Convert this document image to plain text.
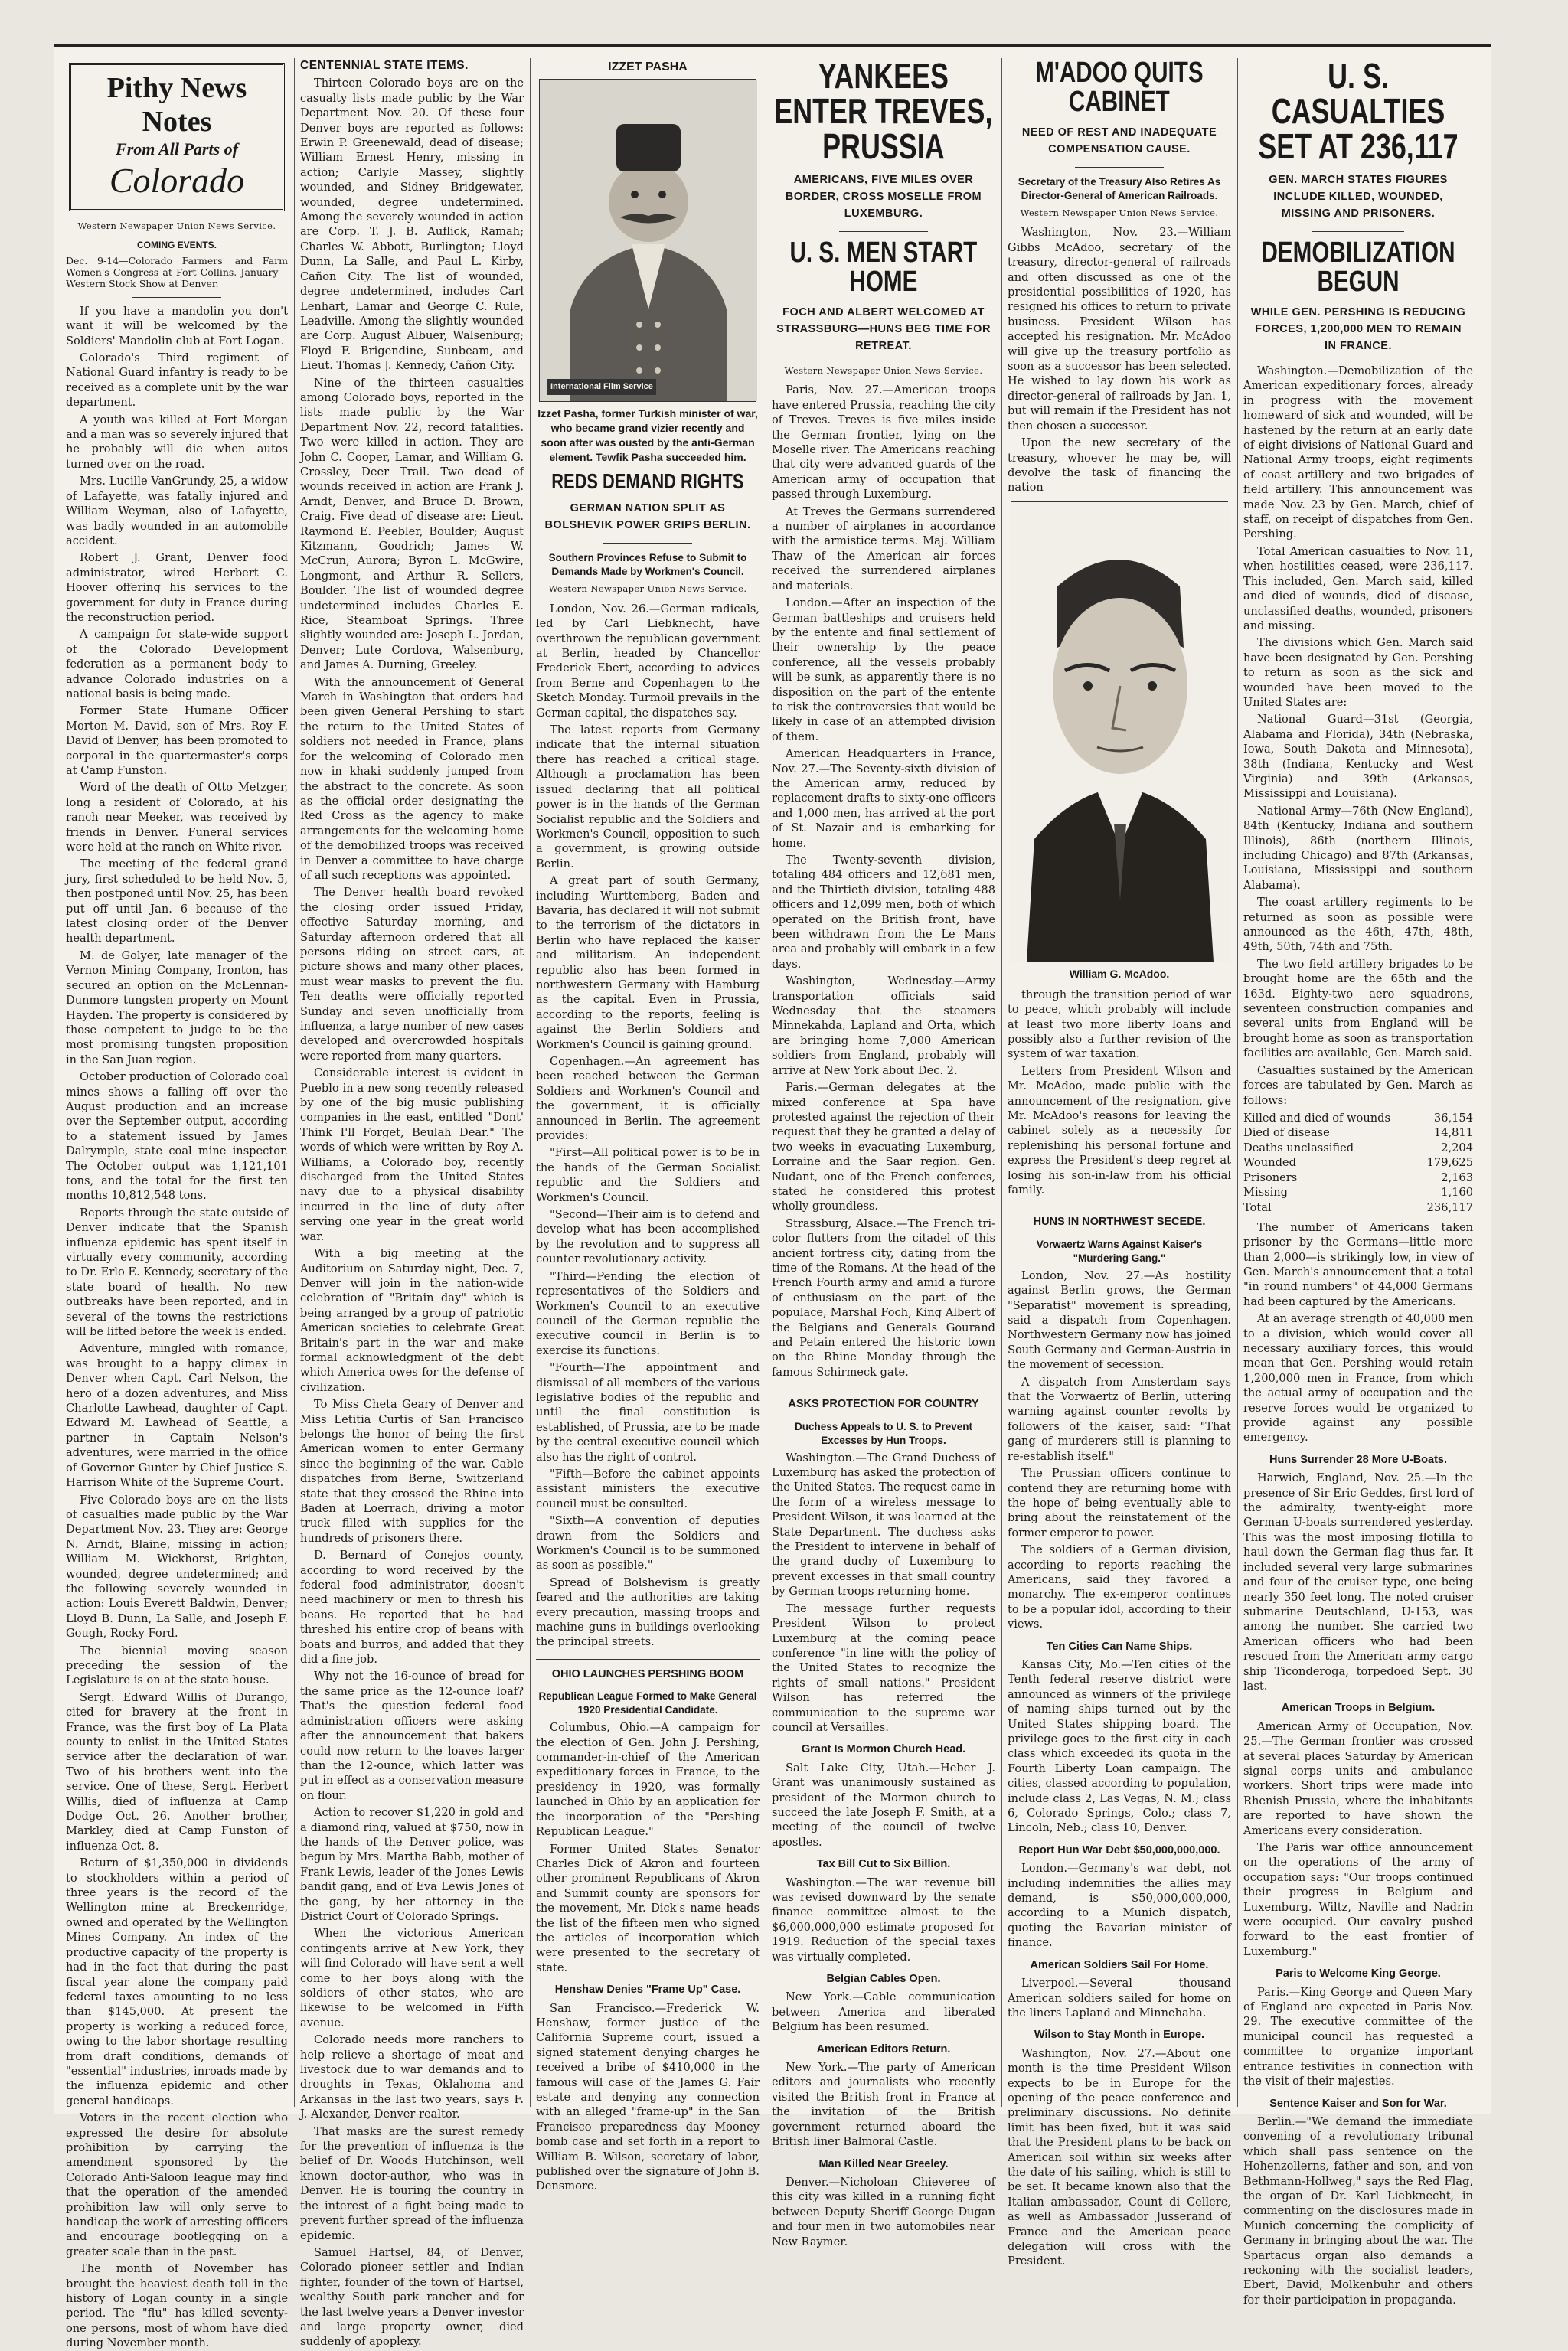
Pithy News Notes
From All Parts of
Colorado
Western Newspaper Union News Service.
COMING EVENTS.
Dec. 9-14—Colorado Farmers' and Farm Women's Congress at Fort Collins. January—Western Stock Show at Denver.

If you have a mandolin you don't want it will be welcomed by the Soldiers' Mandolin club at Fort Logan.

Colorado's Third regiment of National Guard infantry is ready to be received as a complete unit by the war department.

A youth was killed at Fort Morgan and a man was so severely injured that he probably will die when autos turned over on the road.

Mrs. Lucille VanGrundy, 25, a widow of Lafayette, was fatally injured and William Weyman, also of Lafayette, was badly wounded in an automobile accident.

Robert J. Grant, Denver food administrator, wired Herbert C. Hoover offering his services to the government for duty in France during the reconstruction period.

A campaign for state-wide support of the Colorado Development federation as a permanent body to advance Colorado industries on a national basis is being made.

Former State Humane Officer Morton M. David, son of Mrs. Roy F. David of Denver, has been promoted to corporal in the quartermaster's corps at Camp Funston.

Word of the death of Otto Metzger, long a resident of Colorado, at his ranch near Meeker, was received by friends in Denver. Funeral services were held at the ranch on White river.

The meeting of the federal grand jury, first scheduled to be held Nov. 5, then postponed until Nov. 25, has been put off until Jan. 6 because of the latest closing order of the Denver health department.

M. de Golyer, late manager of the Vernon Mining Company, Ironton, has secured an option on the McLennan-Dunmore tungsten property on Mount Hayden. The property is considered by those competent to judge to be the most promising tungsten proposition in the San Juan region.

October production of Colorado coal mines shows a falling off over the August production and an increase over the September output, according to a statement issued by James Dalrymple, state coal mine inspector. The October output was 1,121,101 tons, and the total for the first ten months 10,812,548 tons.

Reports through the state outside of Denver indicate that the Spanish influenza epidemic has spent itself in virtually every community, according to Dr. Erlo E. Kennedy, secretary of the state board of health. No new outbreaks have been reported, and in several of the towns the restrictions will be lifted before the week is ended.

Adventure, mingled with romance, was brought to a happy climax in Denver when Capt. Carl Nelson, the hero of a dozen adventures, and Miss Charlotte Lawhead, daughter of Capt. Edward M. Lawhead of Seattle, a partner in Captain Nelson's adventures, were married in the office of Governor Gunter by Chief Justice S. Harrison White of the Supreme Court.

Five Colorado boys are on the lists of casualties made public by the War Department Nov. 23. They are: George N. Arndt, Blaine, missing in action; William M. Wickhorst, Brighton, wounded, degree undetermined; and the following severely wounded in action: Louis Everett Baldwin, Denver; Lloyd B. Dunn, La Salle, and Joseph F. Gough, Rocky Ford.

The biennial moving season preceding the session of the Legislature is on at the state house.

Sergt. Edward Willis of Durango, cited for bravery at the front in France, was the first boy of La Plata county to enlist in the United States service after the declaration of war. Two of his brothers went into the service. One of these, Sergt. Herbert Willis, died of influenza at Camp Dodge Oct. 26. Another brother, Markley, died at Camp Funston of influenza Oct. 8.

Return of $1,350,000 in dividends to stockholders within a period of three years is the record of the Wellington mine at Breckenridge, owned and operated by the Wellington Mines Company. An index of the productive capacity of the property is had in the fact that during the past fiscal year alone the company paid federal taxes amounting to no less than $145,000. At present the property is working a reduced force, owing to the labor shortage resulting from draft conditions, demands of "essential" industries, inroads made by the influenza epidemic and other general handicaps.

Voters in the recent election who expressed the desire for absolute prohibition by carrying the amendment sponsored by the Colorado Anti-Saloon league may find that the operation of the amended prohibition law will only serve to handicap the work of arresting officers and encourage bootlegging on a greater scale than in the past.

The month of November has brought the heaviest death toll in the history of Logan county in a single period. The "flu" has killed seventy-one persons, most of whom have died during November month.

CENTENNIAL STATE ITEMS.

Thirteen Colorado boys are on the casualty lists made public by the War Department Nov. 20. Of these four Denver boys are reported as follows: Erwin P. Greenewald, dead of disease; William Ernest Henry, missing in action; Carlyle Massey, slightly wounded, and Sidney Bridgewater, wounded, degree undetermined. Among the severely wounded in action are Corp. T. J. B. Auflick, Ramah; Charles W. Abbott, Burlington; Lloyd Dunn, La Salle, and Paul L. Kirby, Cañon City. The list of wounded, degree undetermined, includes Carl Lenhart, Lamar and George C. Rule, Leadville. Among the slightly wounded are Corp. August Albuer, Walsenburg; Floyd F. Brigendine, Sunbeam, and Lieut. Thomas J. Kennedy, Cañon City.

Nine of the thirteen casualties among Colorado boys, reported in the lists made public by the War Department Nov. 22, record fatalities. Two were killed in action. They are John C. Cooper, Lamar, and William G. Crossley, Deer Trail. Two dead of wounds received in action are Frank J. Arndt, Denver, and Bruce D. Brown, Craig. Five dead of disease are: Lieut. Raymond E. Peebler, Boulder; August Kitzmann, Goodrich; James W. McCrun, Aurora; Byron L. McGwire, Longmont, and Arthur R. Sellers, Boulder. The list of wounded degree undetermined includes Charles E. Rice, Steamboat Springs. Three slightly wounded are: Joseph L. Jordan, Denver; Lute Cordova, Walsenburg, and James A. Durning, Greeley.

With the announcement of General March in Washington that orders had been given General Pershing to start the return to the United States of soldiers not needed in France, plans for the welcoming of Colorado men now in khaki suddenly jumped from the abstract to the concrete. As soon as the official order designating the Red Cross as the agency to make arrangements for the welcoming home of the demobilized troops was received in Denver a committee to have charge of all such receptions was appointed.

The Denver health board revoked the closing order issued Friday, effective Saturday morning, and Saturday afternoon ordered that all persons riding on street cars, at picture shows and many other places, must wear masks to prevent the flu. Ten deaths were officially reported Sunday and seven unofficially from influenza, a large number of new cases developed and overcrowded hospitals were reported from many quarters.

Considerable interest is evident in Pueblo in a new song recently released by one of the big music publishing companies in the east, entitled "Dont' Think I'll Forget, Beulah Dear." The words of which were written by Roy A. Williams, a Colorado boy, recently discharged from the United States navy due to a physical disability incurred in the line of duty after serving one year in the great world war.

With a big meeting at the Auditorium on Saturday night, Dec. 7, Denver will join in the nation-wide celebration of "Britain day" which is being arranged by a group of patriotic American societies to celebrate Great Britain's part in the war and make formal acknowledgment of the debt which America owes for the defense of civilization.

To Miss Cheta Geary of Denver and Miss Letitia Curtis of San Francisco belongs the honor of being the first American women to enter Germany since the beginning of the war. Cable dispatches from Berne, Switzerland state that they crossed the Rhine into Baden at Loerrach, driving a motor truck filled with supplies for the hundreds of prisoners there.

D. Bernard of Conejos county, according to word received by the federal food administrator, doesn't need machinery or men to thresh his beans. He reported that he had threshed his entire crop of beans with boats and burros, and added that they did a fine job.

Why not the 16-ounce of bread for the same price as the 12-ounce loaf? That's the question federal food administration officers were asking after the announcement that bakers could now return to the loaves larger than the 12-ounce, which latter was put in effect as a conservation measure on flour.

Action to recover $1,220 in gold and a diamond ring, valued at $750, now in the hands of the Denver police, was begun by Mrs. Martha Babb, mother of Frank Lewis, leader of the Jones Lewis bandit gang, and of Eva Lewis Jones of the gang, by her attorney in the District Court of Colorado Springs.

When the victorious American contingents arrive at New York, they will find Colorado will have sent a well come to her boys along with the soldiers of other states, who are likewise to be welcomed in Fifth avenue.

Colorado needs more ranchers to help relieve a shortage of meat and livestock due to war demands and to droughts in Texas, Oklahoma and Arkansas in the last two years, says F. J. Alexander, Denver realtor.

That masks are the surest remedy for the prevention of influenza is the belief of Dr. Woods Hutchinson, well known doctor-author, who was in Denver. He is touring the country in the interest of a fight being made to prevent further spread of the influenza epidemic.

Samuel Hartsel, 84, of Denver, Colorado pioneer settler and Indian fighter, founder of the town of Hartsel, wealthy South park rancher and for the last twelve years a Denver investor and large property owner, died suddenly of apoplexy.

IZZET PASHA
International Film Service
Izzet Pasha, former Turkish minister of war, who became grand vizier recently and soon after was ousted by the anti-German element. Tewfik Pasha succeeded him.
REDS DEMAND RIGHTS
GERMAN NATION SPLIT AS BOLSHEVIK POWER GRIPS BERLIN.
Southern Provinces Refuse to Submit to Demands Made by Workmen's Council.
Western Newspaper Union News Service.

London, Nov. 26.—German radicals, led by Carl Liebknecht, have overthrown the republican government at Berlin, headed by Chancellor Frederick Ebert, according to advices from Berne and Copenhagen to the Sketch Monday. Turmoil prevails in the German capital, the dispatches say.

The latest reports from Germany indicate that the internal situation there has reached a critical stage. Although a proclamation has been issued declaring that all political power is in the hands of the German Socialist republic and the Soldiers and Workmen's Council, opposition to such a government, is growing outside Berlin.

A great part of south Germany, including Wurttemberg, Baden and Bavaria, has declared it will not submit to the terrorism of the dictators in Berlin who have replaced the kaiser and militarism. An independent republic also has been formed in northwestern Germany with Hamburg as the capital. Even in Prussia, according to the reports, feeling is against the Berlin Soldiers and Workmen's Council is gaining ground.

Copenhagen.—An agreement has been reached between the German Soldiers and Workmen's Council and the government, it is officially announced in Berlin. The agreement provides:

"First—All political power is to be in the hands of the German Socialist republic and the Soldiers and Workmen's Council.

"Second—Their aim is to defend and develop what has been accomplished by the revolution and to suppress all counter revolutionary activity.

"Third—Pending the election of representatives of the Soldiers and Workmen's Council to an executive council of the German republic the executive council in Berlin is to exercise its functions.

"Fourth—The appointment and dismissal of all members of the various legislative bodies of the republic and until the final constitution is established, of Prussia, are to be made by the central executive council which also has the right of control.

"Fifth—Before the cabinet appoints assistant ministers the executive council must be consulted.

"Sixth—A convention of deputies drawn from the Soldiers and Workmen's Council is to be summoned as soon as possible."

Spread of Bolshevism is greatly feared and the authorities are taking every precaution, massing troops and machine guns in buildings overlooking the principal streets.

OHIO LAUNCHES PERSHING BOOM
Republican League Formed to Make General 1920 Presidential Candidate.

Columbus, Ohio.—A campaign for the election of Gen. John J. Pershing, commander-in-chief of the American expeditionary forces in France, to the presidency in 1920, was formally launched in Ohio by an application for the incorporation of the "Pershing Republican League."

Former United States Senator Charles Dick of Akron and fourteen other prominent Republicans of Akron and Summit county are sponsors for the movement, Mr. Dick's name heads the list of the fifteen men who signed the articles of incorporation which were presented to the secretary of state.

Henshaw Denies "Frame Up" Case.

San Francisco.—Frederick W. Henshaw, former justice of the California Supreme court, issued a signed statement denying charges he received a bribe of $410,000 in the famous will case of the James G. Fair estate and denying any connection with an alleged "frame-up" in the San Francisco preparedness day Mooney bomb case and set forth in a report to William B. Wilson, secretary of labor, published over the signature of John B. Densmore.

YANKEES ENTER TREVES, PRUSSIA
AMERICANS, FIVE MILES OVER BORDER, CROSS MOSELLE FROM LUXEMBURG.
U. S. MEN START HOME
FOCH AND ALBERT WELCOMED AT STRASSBURG—HUNS BEG TIME FOR RETREAT.
Western Newspaper Union News Service.

Paris, Nov. 27.—American troops have entered Prussia, reaching the city of Treves. Treves is five miles inside the German frontier, lying on the Moselle river. The Americans reaching that city were advanced guards of the American army of occupation that passed through Luxemburg.

At Treves the Germans surrendered a number of airplanes in accordance with the armistice terms. Maj. William Thaw of the American air forces received the surrendered airplanes and materials.

London.—After an inspection of the German battleships and cruisers held by the entente and final settlement of their ownership by the peace conference, all the vessels probably will be sunk, as apparently there is no disposition on the part of the entente to risk the controversies that would be likely in case of an attempted division of them.

American Headquarters in France, Nov. 27.—The Seventy-sixth division of the American army, reduced by replacement drafts to sixty-one officers and 1,000 men, has arrived at the port of St. Nazair and is embarking for home.

The Twenty-seventh division, totaling 484 officers and 12,681 men, and the Thirtieth division, totaling 488 officers and 12,099 men, both of which operated on the British front, have been withdrawn from the Le Mans area and probably will embark in a few days.

Washington, Wednesday.—Army transportation officials said Wednesday that the steamers Minnekahda, Lapland and Orta, which are bringing home 7,000 American soldiers from England, probably will arrive at New York about Dec. 2.

Paris.—German delegates at the mixed conference at Spa have protested against the rejection of their request that they be granted a delay of two weeks in evacuating Luxemburg, Lorraine and the Saar region. Gen. Nudant, one of the French conferees, stated he considered this protest wholly groundless.

Strassburg, Alsace.—The French tri-color flutters from the citadel of this ancient fortress city, dating from the time of the Romans. At the head of the French Fourth army and amid a furore of enthusiasm on the part of the populace, Marshal Foch, King Albert of the Belgians and Generals Gourand and Petain entered the historic town on the Rhine Monday through the famous Schirmeck gate.

ASKS PROTECTION FOR COUNTRY
Duchess Appeals to U. S. to Prevent Excesses by Hun Troops.

Washington.—The Grand Duchess of Luxemburg has asked the protection of the United States. The request came in the form of a wireless message to President Wilson, it was learned at the State Department. The duchess asks the President to intervene in behalf of the grand duchy of Luxemburg to prevent excesses in that small country by German troops returning home.

The message further requests President Wilson to protect Luxemburg at the coming peace conference "in line with the policy of the United States to recognize the rights of small nations." President Wilson has referred the communication to the supreme war council at Versailles.

Grant Is Mormon Church Head.

Salt Lake City, Utah.—Heber J. Grant was unanimously sustained as president of the Mormon church to succeed the late Joseph F. Smith, at a meeting of the council of twelve apostles.

Tax Bill Cut to Six Billion.

Washington.—The war revenue bill was revised downward by the senate finance committee almost to the $6,000,000,000 estimate proposed for 1919. Reduction of the special taxes was virtually completed.

Belgian Cables Open.

New York.—Cable communication between America and liberated Belgium has been resumed.

American Editors Return.

New York.—The party of American editors and journalists who recently visited the British front in France at the invitation of the British government returned aboard the British liner Balmoral Castle.

Man Killed Near Greeley.

Denver.—Nicholoan Chieveree of this city was killed in a running fight between Deputy Sheriff George Dugan and four men in two automobiles near New Raymer.

M'ADOO QUITS CABINET
NEED OF REST AND INADEQUATE COMPENSATION CAUSE.
Secretary of the Treasury Also Retires As Director-General of American Railroads.
Western Newspaper Union News Service.

Washington, Nov. 23.—William Gibbs McAdoo, secretary of the treasury, director-general of railroads and often discussed as one of the presidential possibilities of 1920, has resigned his offices to return to private business. President Wilson has accepted his resignation. Mr. McAdoo will give up the treasury portfolio as soon as a successor has been selected. He wished to lay down his work as director-general of railroads by Jan. 1, but will remain if the President has not then chosen a successor.

Upon the new secretary of the treasury, whoever he may be, will devolve the task of financing the nation

William G. McAdoo.

through the transition period of war to peace, which probably will include at least two more liberty loans and possibly also a further revision of the system of war taxation.

Letters from President Wilson and Mr. McAdoo, made public with the announcement of the resignation, give Mr. McAdoo's reasons for leaving the cabinet solely as a necessity for replenishing his personal fortune and express the President's deep regret at losing his son-in-law from his official family.

HUNS IN NORTHWEST SECEDE.
Vorwaertz Warns Against Kaiser's "Murdering Gang."

London, Nov. 27.—As hostility against Berlin grows, the German "Separatist" movement is spreading, said a dispatch from Copenhagen. Northwestern Germany now has joined South Germany and German-Austria in the movement of secession.

A dispatch from Amsterdam says that the Vorwaertz of Berlin, uttering warning against counter revolts by followers of the kaiser, said: "That gang of murderers still is planning to re-establish itself."

The Prussian officers continue to contend they are returning home with the hope of being eventually able to bring about the reinstatement of the former emperor to power.

The soldiers of a German division, according to reports reaching the Americans, said they favored a monarchy. The ex-emperor continues to be a popular idol, according to their views.

Ten Cities Can Name Ships.

Kansas City, Mo.—Ten cities of the Tenth federal reserve district were announced as winners of the privilege of naming ships turned out by the United States shipping board. The privilege goes to the first city in each class which exceeded its quota in the Fourth Liberty Loan campaign. The cities, classed according to population, include class 2, Las Vegas, N. M.; class 6, Colorado Springs, Colo.; class 7, Lincoln, Neb.; class 10, Denver.

Report Hun War Debt $50,000,000,000.

London.—Germany's war debt, not including indemnities the allies may demand, is $50,000,000,000, according to a Munich dispatch, quoting the Bavarian minister of finance.

American Soldiers Sail For Home.

Liverpool.—Several thousand American soldiers sailed for home on the liners Lapland and Minnehaha.

Wilson to Stay Month in Europe.

Washington, Nov. 27.—About one month is the time President Wilson expects to be in Europe for the opening of the peace conference and preliminary discussions. No definite limit has been fixed, but it was said that the President plans to be back on American soil within six weeks after the date of his sailing, which is still to be set. It became known also that the Italian ambassador, Count di Cellere, as well as Ambassador Jusserand of France and the American peace delegation will cross with the President.

U. S. CASUALTIES SET AT 236,117
GEN. MARCH STATES FIGURES INCLUDE KILLED, WOUNDED, MISSING AND PRISONERS.
DEMOBILIZATION BEGUN
WHILE GEN. PERSHING IS REDUCING FORCES, 1,200,000 MEN TO REMAIN IN FRANCE.

Washington.—Demobilization of the American expeditionary forces, already in progress with the movement homeward of sick and wounded, will be hastened by the return at an early date of eight divisions of National Guard and National Army troops, eight regiments of coast artillery and two brigades of field artillery. This announcement was made Nov. 23 by Gen. March, chief of staff, on receipt of dispatches from Gen. Pershing.

Total American casualties to Nov. 11, when hostilities ceased, were 236,117. This included, Gen. March said, killed and died of wounds, died of disease, unclassified deaths, wounded, prisoners and missing.

The divisions which Gen. March said have been designated by Gen. Pershing to return as soon as the sick and wounded have been moved to the United States are:

National Guard—31st (Georgia, Alabama and Florida), 34th (Nebraska, Iowa, South Dakota and Minnesota), 38th (Indiana, Kentucky and West Virginia) and 39th (Arkansas, Mississippi and Louisiana).

National Army—76th (New England), 84th (Kentucky, Indiana and southern Illinois), 86th (northern Illinois, including Chicago) and 87th (Arkansas, Louisiana, Mississippi and southern Alabama).

The coast artillery regiments to be returned as soon as possible were announced as the 46th, 47th, 48th, 49th, 50th, 74th and 75th.

The two field artillery brigades to be brought home are the 65th and the 163d. Eighty-two aero squadrons, seventeen construction companies and several units from England will be brought home as soon as transportation facilities are available, Gen. March said.

Casualties sustained by the American forces are tabulated by Gen. March as follows:

Killed and died of wounds	36,154
Died of disease	14,811
Deaths unclassified	2,204
Wounded	179,625
Prisoners	2,163
Missing	1,160
Total	236,117

The number of Americans taken prisoner by the Germans—little more than 2,000—is strikingly low, in view of Gen. March's announcement that a total "in round numbers" of 44,000 Germans had been captured by the Americans.

At an average strength of 40,000 men to a division, which would cover all necessary auxiliary forces, this would mean that Gen. Pershing would retain 1,200,000 men in France, from which the actual army of occupation and the reserve forces would be organized to provide against any possible emergency.

Huns Surrender 28 More U-Boats.

Harwich, England, Nov. 25.—In the presence of Sir Eric Geddes, first lord of the admiralty, twenty-eight more German U-boats surrendered yesterday. This was the most imposing flotilla to haul down the German flag thus far. It included several very large submarines and four of the cruiser type, one being nearly 350 feet long. The noted cruiser submarine Deutschland, U-153, was among the number. She carried two American officers who had been rescued from the American army cargo ship Ticonderoga, torpedoed Sept. 30 last.

American Troops in Belgium.

American Army of Occupation, Nov. 25.—The German frontier was crossed at several places Saturday by American signal corps units and ambulance workers. Short trips were made into Rhenish Prussia, where the inhabitants are reported to have shown the Americans every consideration.

The Paris war office announcement on the operations of the army of occupation says: "Our troops continued their progress in Belgium and Luxemburg. Wiltz, Naville and Nadrin were occupied. Our cavalry pushed forward to the east frontier of Luxemburg."

Paris to Welcome King George.

Paris.—King George and Queen Mary of England are expected in Paris Nov. 29. The executive committee of the municipal council has requested a committee to organize important entrance festivities in connection with the visit of their majesties.

Sentence Kaiser and Son for War.

Berlin.—"We demand the immediate convening of a revolutionary tribunal which shall pass sentence on the Hohenzollerns, father and son, and von Bethmann-Hollweg," says the Red Flag, the organ of Dr. Karl Liebknecht, in commenting on the disclosures made in Munich concerning the complicity of Germany in bringing about the war. The Spartacus organ also demands a reckoning with the socialist leaders, Ebert, David, Molkenbuhr and others for their participation in propaganda.
